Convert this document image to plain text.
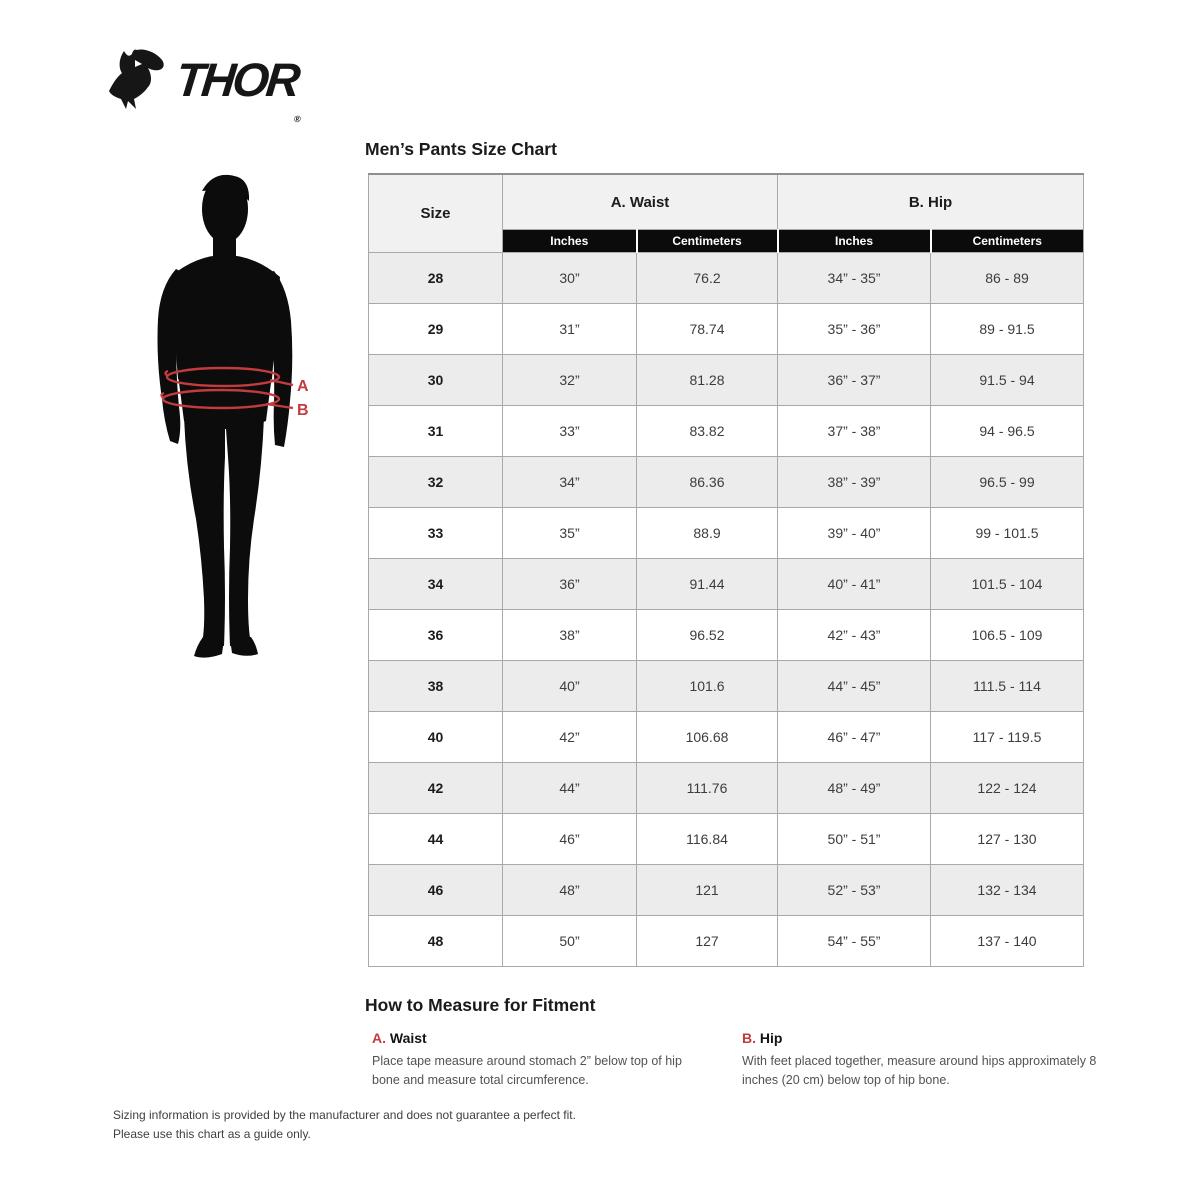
$THOR_®$
A
B
Men’s Pants Size Chart
Size	A. Waist		B. Hip	
	Inches	Centimeters	Inches	Centimeters
28	30”	76.2	34” - 35”	86 - 89
29	31”	78.74	35” - 36”	89 - 91.5
30	32”	81.28	36” - 37”	91.5 - 94
31	33”	83.82	37” - 38”	94 - 96.5
32	34”	86.36	38” - 39”	96.5 - 99
33	35”	88.9	39” - 40”	99 - 101.5
34	36”	91.44	40” - 41”	101.5 - 104
36	38”	96.52	42” - 43”	106.5 - 109
38	40”	101.6	44” - 45”	111.5 - 114
40	42”	106.68	46” - 47”	117 - 119.5
42	44”	111.76	48” - 49”	122 - 124
44	46”	116.84	50” - 51”	127 - 130
46	48”	121	52” - 53”	132 - 134
48	50”	127	54” - 55”	137 - 140
How to Measure for Fitment
A. Waist

Place tape measure around stomach 2” below top of hip bone and measure total circumference.

B. Hip

With feet placed together, measure around hips approximately 8 inches (20 cm) below top of hip bone.

Sizing information is provided by the manufacturer and does not guarantee a perfect fit.
Please use this chart as a guide only.
